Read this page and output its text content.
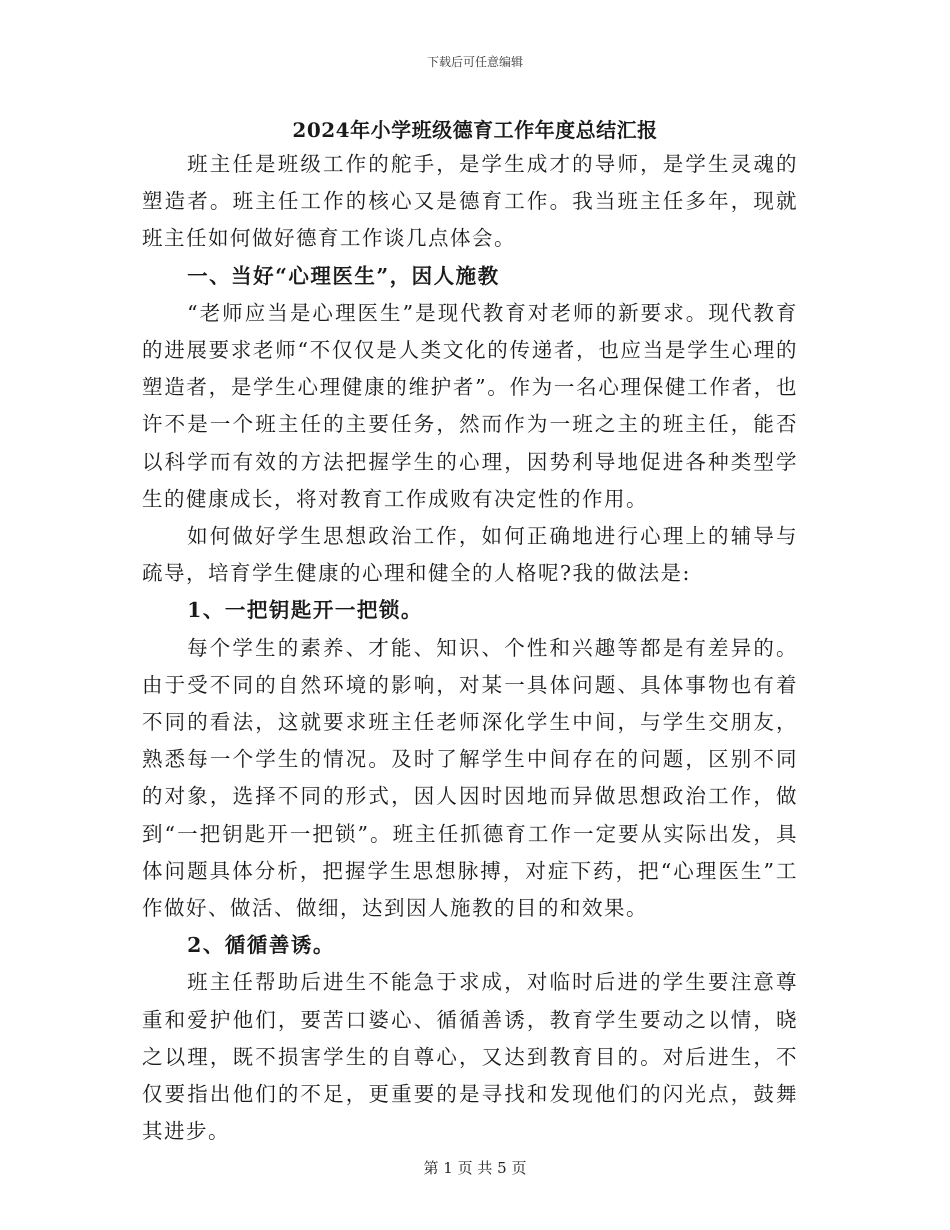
下载后可任意编辑
2024年小学班级德育工作年度总结汇报

班主任是班级工作的舵手，是学生成才的导师，是学生灵魂的塑造者。班主任工作的核心又是德育工作。我当班主任多年，现就班主任如何做好德育工作谈几点体会。

一、当好“心理医生”，因人施教

“老师应当是心理医生”是现代教育对老师的新要求。现代教育的进展要求老师“不仅仅是人类文化的传递者，也应当是学生心理的塑造者，是学生心理健康的维护者”。作为一名心理保健工作者，也许不是一个班主任的主要任务，然而作为一班之主的班主任，能否以科学而有效的方法把握学生的心理，因势利导地促进各种类型学生的健康成长，将对教育工作成败有决定性的作用。

如何做好学生思想政治工作，如何正确地进行心理上的辅导与疏导，培育学生健康的心理和健全的人格呢?我的做法是:

1、一把钥匙开一把锁。

每个学生的素养、才能、知识、个性和兴趣等都是有差异的。由于受不同的自然环境的影响，对某一具体问题、具体事物也有着不同的看法，这就要求班主任老师深化学生中间，与学生交朋友，熟悉每一个学生的情况。及时了解学生中间存在的问题，区别不同的对象，选择不同的形式，因人因时因地而异做思想政治工作，做到“一把钥匙开一把锁”。班主任抓德育工作一定要从实际出发，具体问题具体分析，把握学生思想脉搏，对症下药，把“心理医生”工作做好、做活、做细，达到因人施教的目的和效果。

2、循循善诱。

班主任帮助后进生不能急于求成，对临时后进的学生要注意尊重和爱护他们，要苦口婆心、循循善诱，教育学生要动之以情，晓之以理，既不损害学生的自尊心，又达到教育目的。对后进生，不仅要指出他们的不足，更重要的是寻找和发现他们的闪光点，鼓舞其进步。

第 1 页 共 5 页
